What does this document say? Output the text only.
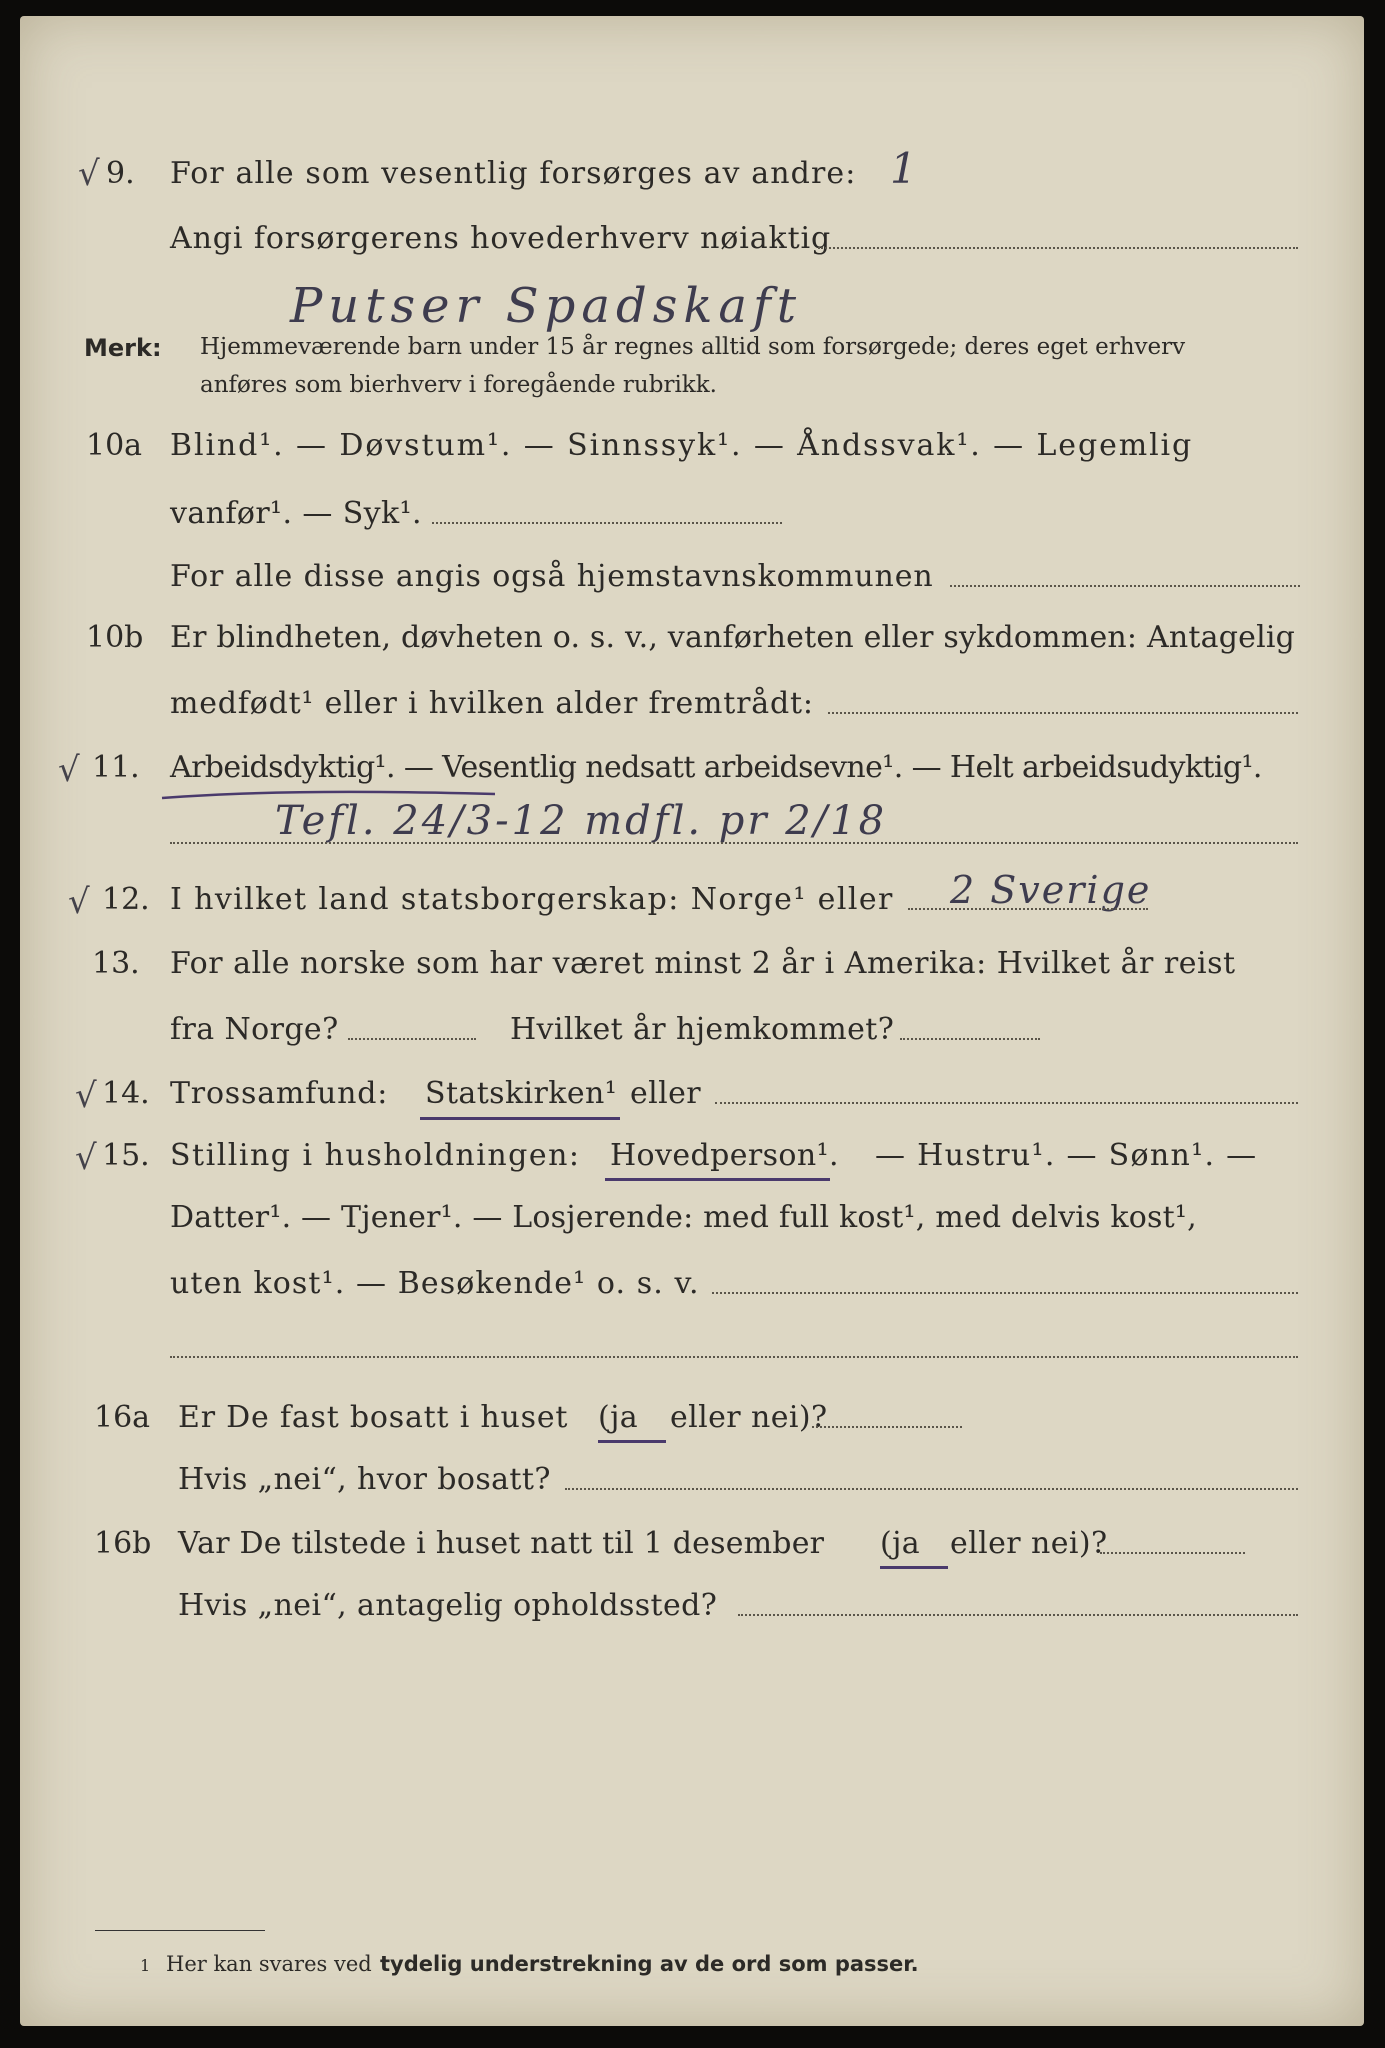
√ 9. For alle som vesentlig forsørges av andre: 1
Angi forsørgerens hovederhverv nøiaktig
Putser Spadskaft
Merk: Hjemmeværende barn under 15 år regnes alltid som forsørgede; deres eget erhverv
anføres som bierhverv i foregående rubrikk.
10a Blind¹. — Døvstum¹. — Sinnssyk¹. — Åndssvak¹. — Legemlig
vanfør¹. — Syk¹.
For alle disse angis også hjemstavnskommunen
10b Er blindheten, døvheten o. s. v., vanførheten eller sykdommen: Antagelig
medfødt¹ eller i hvilken alder fremtrådt:
√ 11. Arbeidsdyktig¹. — Vesentlig nedsatt arbeidsevne¹. — Helt arbeidsudyktig¹.
Tefl. 24/3-12 mdfl. pr 2/18
√ 12. I hvilket land statsborgerskap: Norge¹ eller 2 Sverige
13. For alle norske som har været minst 2 år i Amerika: Hvilket år reist
fra Norge?	Hvilket år hjemkommet?
√ 14. Trossamfund: Statskirken¹ eller
√ 15. Stilling i husholdningen: Hovedperson¹. — Hustru¹. — Sønn¹. —
Datter¹. — Tjener¹. — Losjerende: med full kost¹, med delvis kost¹,
uten kost¹. — Besøkende¹ o. s. v.
16a Er De fast bosatt i huset (ja eller nei)?
Hvis „nei“, hvor bosatt?
16b Var De tilstede i huset natt til 1 desember (ja eller nei)?
Hvis „nei“, antagelig opholdssted?
1 Her kan svares ved tydelig understrekning av de ord som passer.
